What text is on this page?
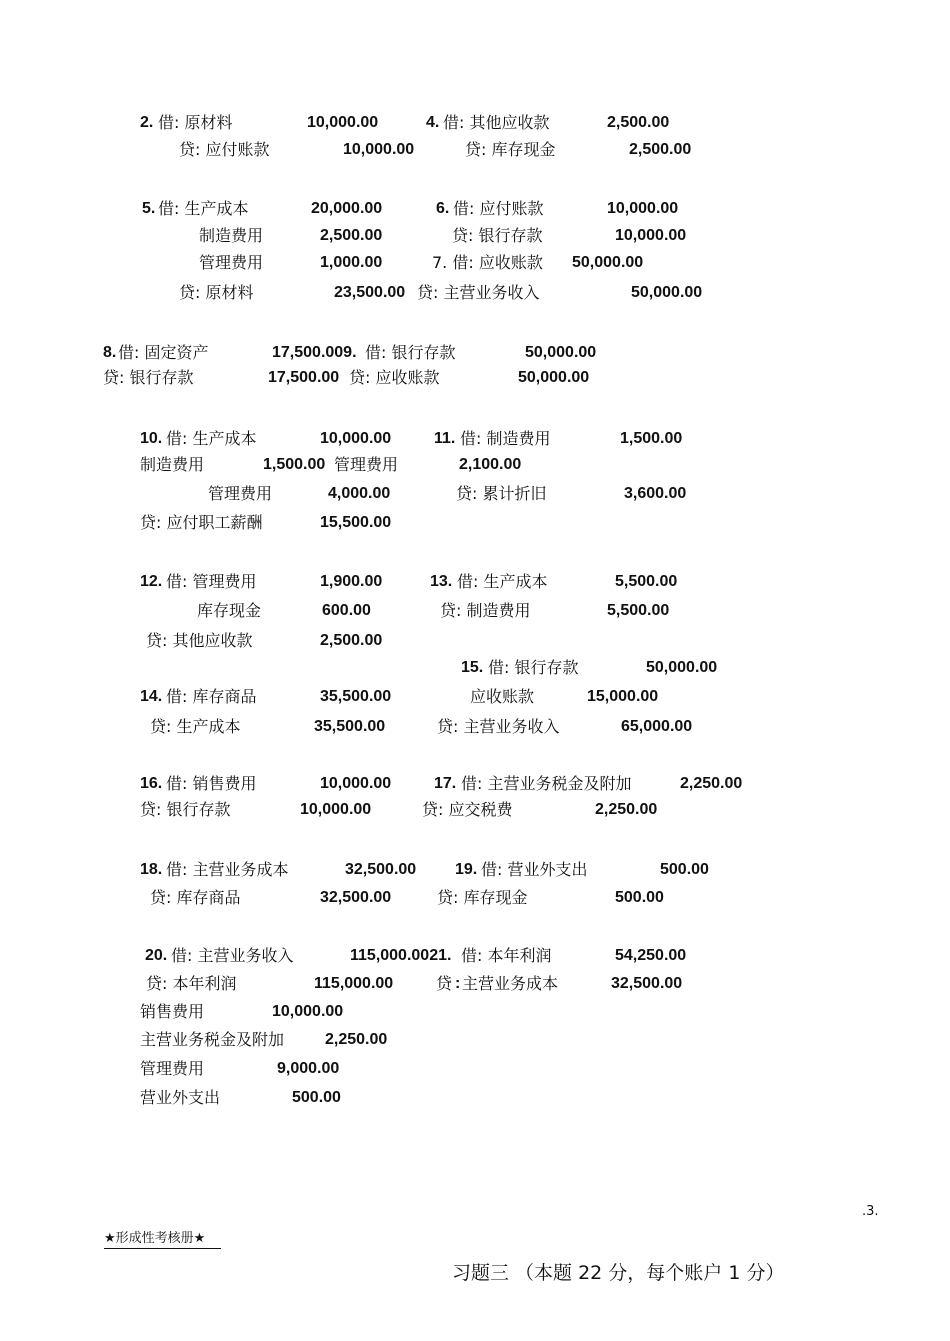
2. 借: 原材料	10,000.00	4. 借: 其他应收款	2,500.00
贷: 应付账款	10,000.00	贷: 库存现金	2,500.00
5. 借: 生产成本	20,000.00	6. 借: 应付账款	10,000.00
制造费用	2,500.00	贷: 银行存款	10,000.00
管理费用	1,000.00	7. 借: 应收账款 50,000.00
贷: 原材料	23,500.00 贷: 主营业务收入	50,000.00
8. 借: 固定资产	17,500.009. 借: 银行存款	50,000.00
贷: 银行存款	17,500.00 贷: 应收账款	50,000.00
10. 借: 生产成本	10,000.00	11. 借: 制造费用	1,500.00
制造费用	1,500.00 管理费用	2,100.00
管理费用	4,000.00	贷: 累计折旧	3,600.00
贷: 应付职工薪酬	15,500.00
12. 借: 管理费用	1,900.00	13. 借: 生产成本	5,500.00
库存现金	600.00	贷: 制造费用	5,500.00
贷: 其他应收款	2,500.00
15. 借: 银行存款	50,000.00
14. 借: 库存商品	35,500.00	应收账款	15,000.00
贷: 生产成本	35,500.00	贷: 主营业务收入	65,000.00
16. 借: 销售费用	10,000.00	17. 借: 主营业务税金及附加	2,250.00
贷: 银行存款	10,000.00	贷: 应交税费	2,250.00
18. 借: 主营业务成本	32,500.00 19. 借: 营业外支出	500.00
贷: 库存商品	32,500.00	贷: 库存现金	500.00
20. 借: 主营业务收入	115,000.0021. 借: 本年利润	54,250.00
贷: 本年利润	115,000.00	贷 : 主营业务成本	32,500.00
销售费用	10,000.00
主营业务税金及附加	2,250.00
管理费用	9,000.00
营业外支出	500.00
.3.
★形成性考核册★
习题三 （本题 22 分，每个账户 1 分）
